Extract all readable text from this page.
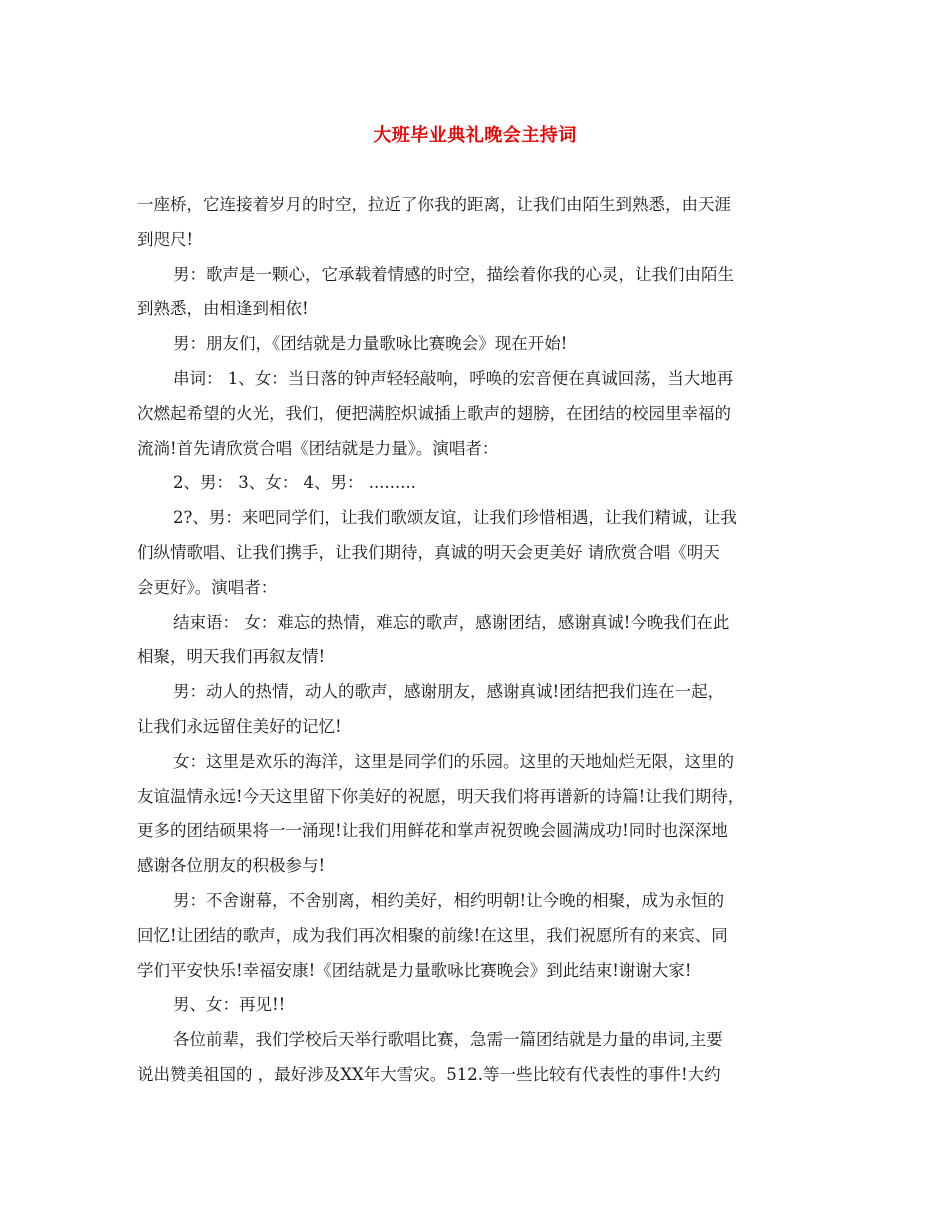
大班毕业典礼晚会主持词
一座桥，它连接着岁月的时空，拉近了你我的距离，让我们由陌生到熟悉，由天涯
到咫尺!
男：歌声是一颗心，它承载着情感的时空，描绘着你我的心灵，让我们由陌生
到熟悉，由相逢到相依!
男：朋友们，《团结就是力量歌咏比赛晚会》现在开始!
串词： 1、女：当日落的钟声轻轻敲响，呼唤的宏音便在真诚回荡，当大地再
次燃起希望的火光，我们，便把满腔炽诚插上歌声的翅膀，在团结的校园里幸福的
流淌!首先请欣赏合唱《团结就是力量》。演唱者：
2、男： 3、女： 4、男： .........
2?、男：来吧同学们，让我们歌颂友谊，让我们珍惜相遇，让我们精诚，让我
们纵情歌唱、让我们携手，让我们期待，真诚的明天会更美好 请欣赏合唱《明天
会更好》。演唱者：
结束语： 女：难忘的热情，难忘的歌声，感谢团结，感谢真诚!今晚我们在此
相聚，明天我们再叙友情!
男：动人的热情，动人的歌声，感谢朋友，感谢真诚!团结把我们连在一起，
让我们永远留住美好的记忆!
女：这里是欢乐的海洋，这里是同学们的乐园。这里的天地灿烂无限，这里的
友谊温情永远!今天这里留下你美好的祝愿，明天我们将再谱新的诗篇!让我们期待，
更多的团结硕果将一一涌现!让我们用鲜花和掌声祝贺晚会圆满成功!同时也深深地
感谢各位朋友的积极参与!
男：不舍谢幕，不舍别离，相约美好，相约明朝!让今晚的相聚，成为永恒的
回忆!让团结的歌声，成为我们再次相聚的前缘!在这里，我们祝愿所有的来宾、同
学们平安快乐!幸福安康!《团结就是力量歌咏比赛晚会》到此结束!谢谢大家!
男、女：再见!!
各位前辈，我们学校后天举行歌唱比赛，急需一篇团结就是力量的串词,主要
说出赞美祖国的 ，最好涉及XX年大雪灾。512.等一些比较有代表性的事件!大约
